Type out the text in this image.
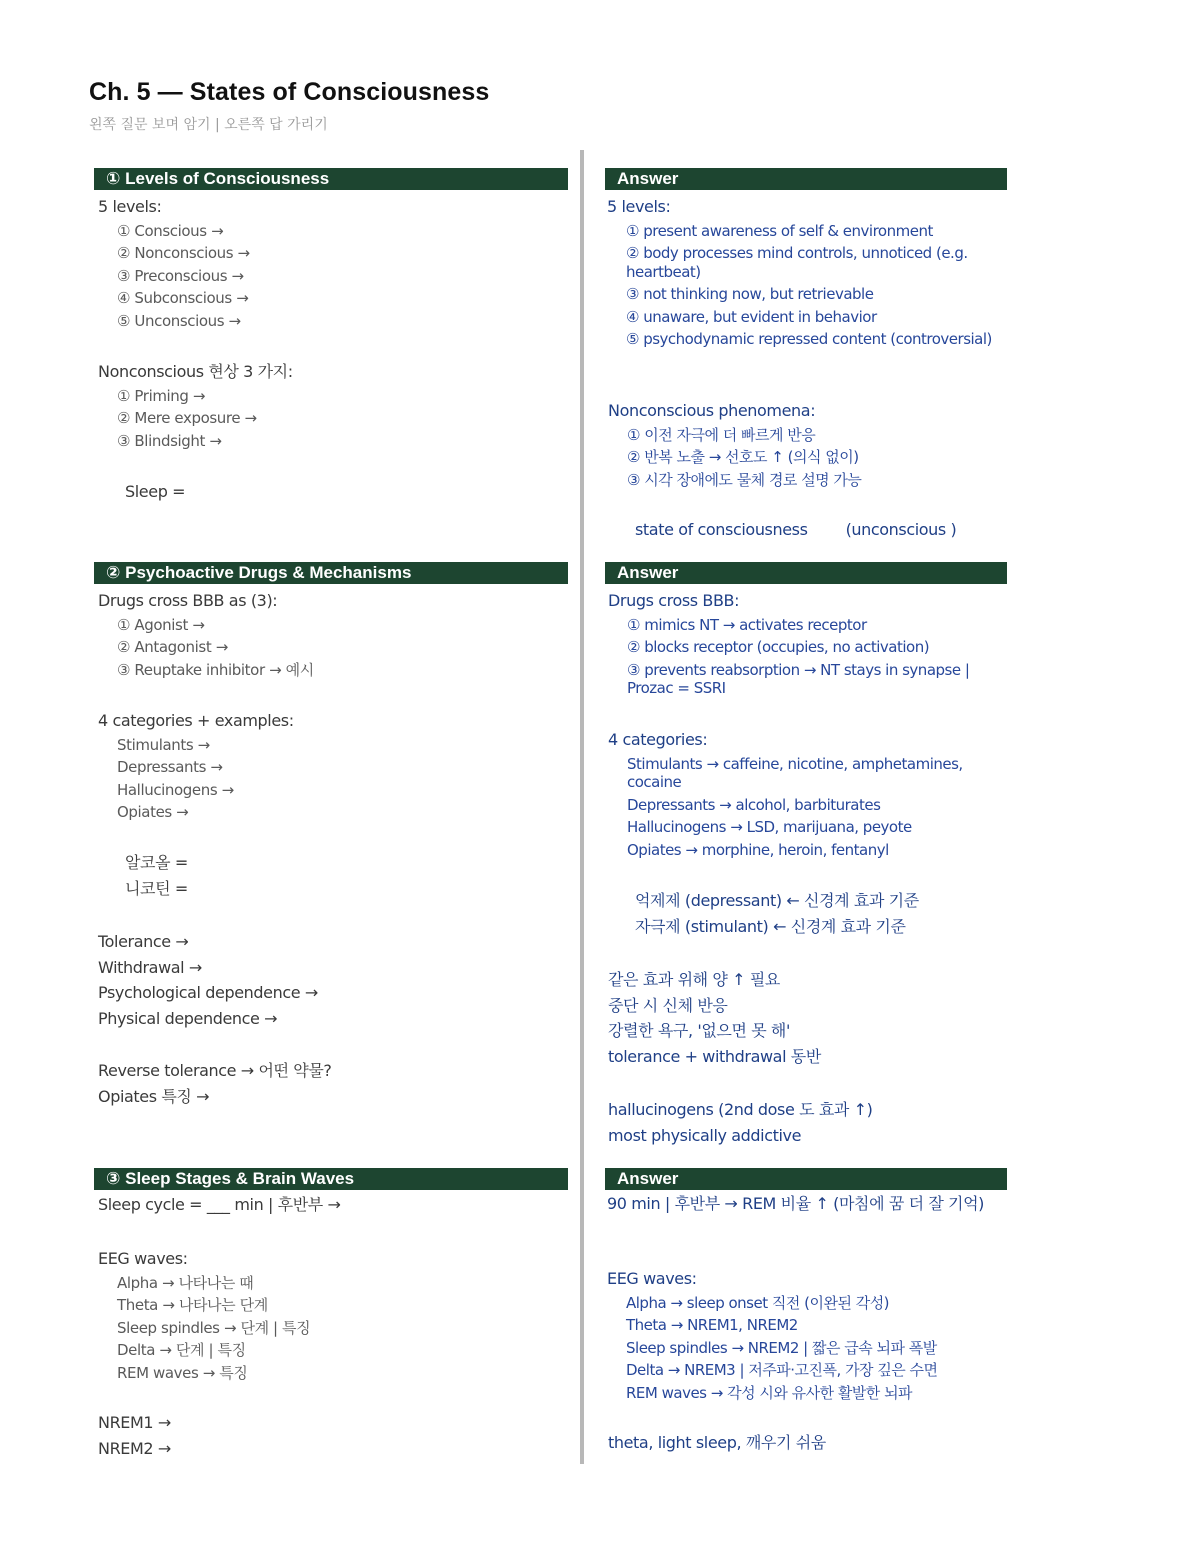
Ch. 5 — States of Consciousness
왼쪽 질문 보며 암기 | 오른쪽 답 가리기
① Levels of Consciousness
5 levels:
① Conscious →
② Nonconscious →
③ Preconscious →
④ Subconscious →
⑤ Unconscious →
Nonconscious 현상 3 가지:
① Priming →
② Mere exposure →
③ Blindsight →
Sleep =
② Psychoactive Drugs & Mechanisms
Drugs cross BBB as (3):
① Agonist →
② Antagonist →
③ Reuptake inhibitor → 예시
4 categories + examples:
Stimulants →
Depressants →
Hallucinogens →
Opiates →
알코올 =
니코틴 =
Tolerance →
Withdrawal →
Psychological dependence →
Physical dependence →
Reverse tolerance → 어떤 약물?
Opiates 특징 →
③ Sleep Stages & Brain Waves
Sleep cycle = ___ min | 후반부 →
EEG waves:
Alpha → 나타나는 때
Theta → 나타나는 단계
Sleep spindles → 단계 | 특징
Delta → 단계 | 특징
REM waves → 특징
NREM1 →
NREM2 →
Answer
5 levels:
① present awareness of self & environment
② body processes mind controls, unnoticed (e.g. heartbeat)
③ not thinking now, but retrievable
④ unaware, but evident in behavior
⑤ psychodynamic repressed content (controversial)
Nonconscious phenomena:
① 이전 자극에 더 빠르게 반응
② 반복 노출 → 선호도 ↑ (의식 없이)
③ 시각 장애에도 물체 경로 설명 가능
state of consciousness (unconscious )
Answer
Drugs cross BBB:
① mimics NT → activates receptor
② blocks receptor (occupies, no activation)
③ prevents reabsorption → NT stays in synapse | Prozac = SSRI
4 categories:
Stimulants → caffeine, nicotine, amphetamines, cocaine
Depressants → alcohol, barbiturates
Hallucinogens → LSD, marijuana, peyote
Opiates → morphine, heroin, fentanyl
억제제 (depressant) ← 신경계 효과 기준
자극제 (stimulant) ← 신경계 효과 기준
같은 효과 위해 양 ↑ 필요
중단 시 신체 반응
강렬한 욕구, '없으면 못 해'
tolerance + withdrawal 동반
hallucinogens (2nd dose 도 효과 ↑)
most physically addictive
Answer
90 min | 후반부 → REM 비율 ↑ (마침에 꿈 더 잘 기억)
EEG waves:
Alpha → sleep onset 직전 (이완된 각성)
Theta → NREM1, NREM2
Sleep spindles → NREM2 | 짧은 급속 뇌파 폭발
Delta → NREM3 | 저주파·고진폭, 가장 깊은 수면
REM waves → 각성 시와 유사한 활발한 뇌파
theta, light sleep, 깨우기 쉬움
